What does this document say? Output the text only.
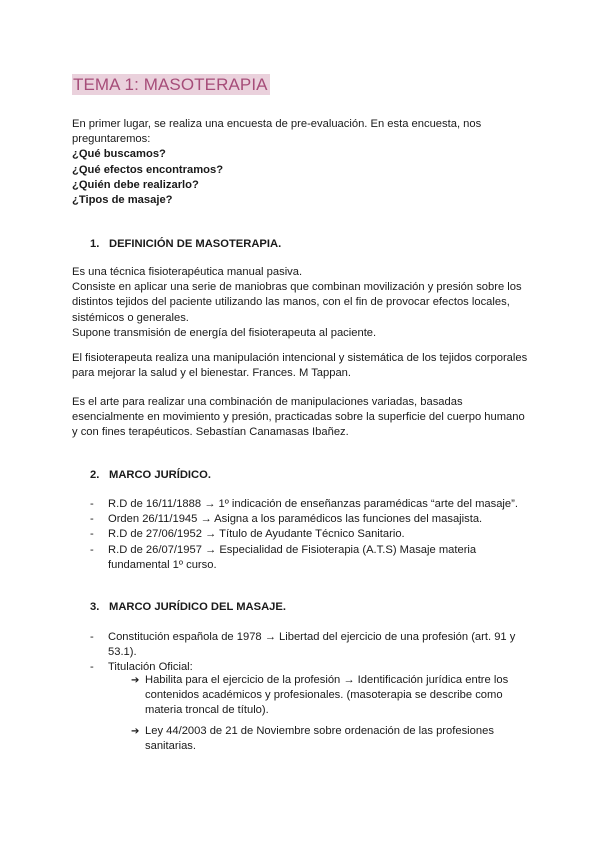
TEMA 1: MASOTERAPIA
En primer lugar, se realiza una encuesta de pre-evaluación. En esta encuesta, nos
preguntaremos:
¿Qué buscamos?
¿Qué efectos encontramos?
¿Quién debe realizarlo?
¿Tipos de masaje?
1. DEFINICIÓN DE MASOTERAPIA.
Es una técnica fisioterapéutica manual pasiva.
Consiste en aplicar una serie de maniobras que combinan movilización y presión sobre los
distintos tejidos del paciente utilizando las manos, con el fin de provocar efectos locales,
sistémicos o generales.
Supone transmisión de energía del fisioterapeuta al paciente.
El fisioterapeuta realiza una manipulación intencional y sistemática de los tejidos corporales
para mejorar la salud y el bienestar. Frances. M Tappan.
Es el arte para realizar una combinación de manipulaciones variadas, basadas
esencialmente en movimiento y presión, practicadas sobre la superficie del cuerpo humano
y con fines terapéuticos. Sebastían Canamasas Ibañez.
2. MARCO JURÍDICO.
- R.D de 16/11/1888 → 1º indicación de enseñanzas paramédicas “arte del masaje”.
- Orden 26/11/1945 → Asigna a los paramédicos las funciones del masajista.
- R.D de 27/06/1952 → Título de Ayudante Técnico Sanitario.
- R.D de 26/07/1957 → Especialidad de Fisioterapia (A.T.S) Masaje materia
fundamental 1º curso.
3. MARCO JURÍDICO DEL MASAJE.
- Constitución española de 1978 → Libertad del ejercicio de una profesión (art. 91 y
53.1).
- Titulación Oficial:
➔ Habilita para el ejercicio de la profesión → Identificación jurídica entre los
contenidos académicos y profesionales. (masoterapia se describe como
materia troncal de título).
➔ Ley 44/2003 de 21 de Noviembre sobre ordenación de las profesiones
sanitarias.
